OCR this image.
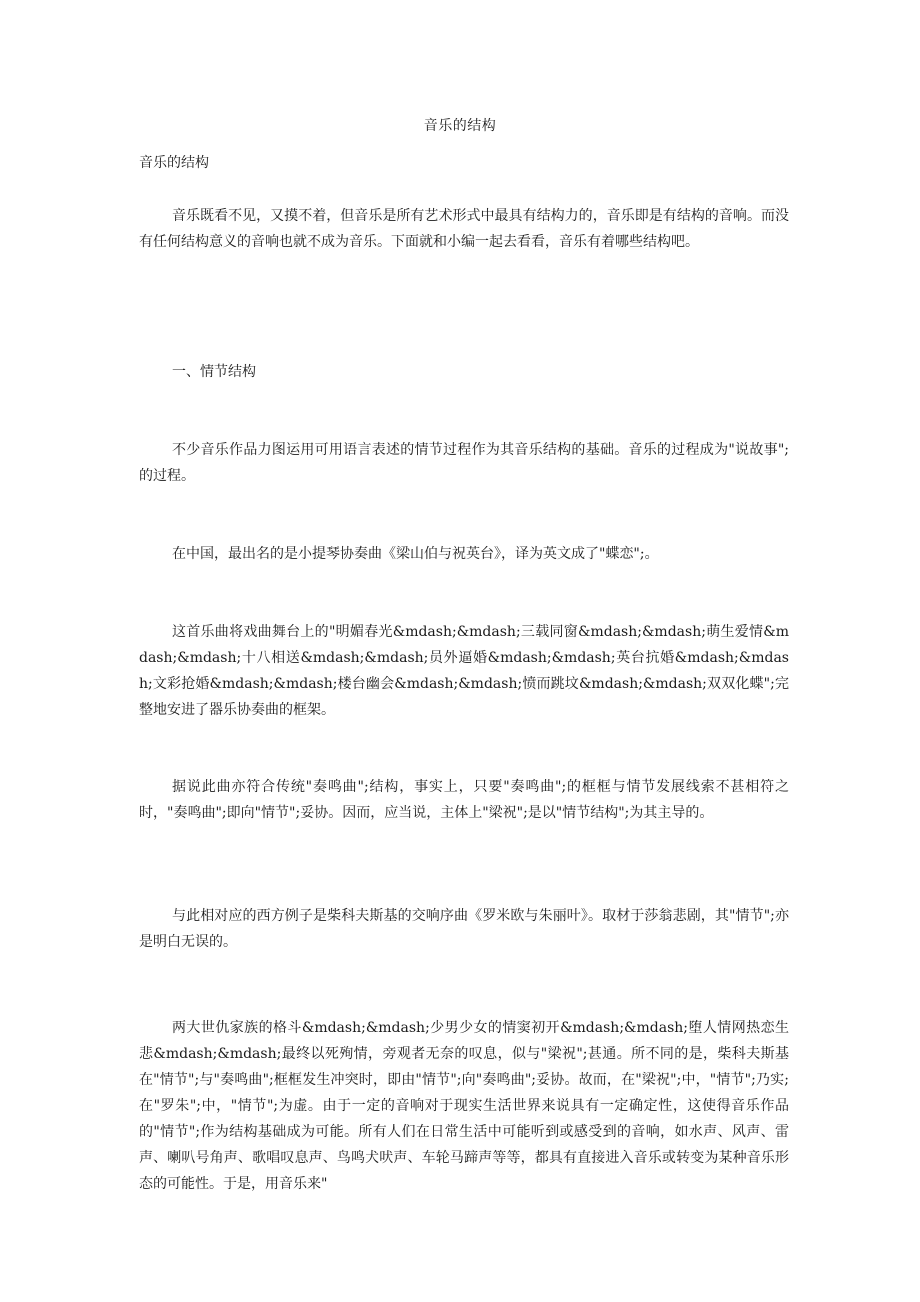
音乐的结构
音乐的结构
音乐既看不见，又摸不着，但音乐是所有艺术形式中最具有结构力的，音乐即是有结构的音响。而没有任何结构意义的音响也就不成为音乐。下面就和小编一起去看看，音乐有着哪些结构吧。
一、情节结构
不少音乐作品力图运用可用语言表述的情节过程作为其音乐结构的基础。音乐的过程成为"说故事";的过程。
在中国，最出名的是小提琴协奏曲《梁山伯与祝英台》，译为英文成了"蝶恋";。
这首乐曲将戏曲舞台上的"明媚春光&mdash;&mdash;三载同窗&mdash;&mdash;萌生爱情&mdash;&mdash;十八相送&mdash;&mdash;员外逼婚&mdash;&mdash;英台抗婚&mdash;&mdash;文彩抢婚&mdash;&mdash;楼台幽会&mdash;&mdash;愤而跳坟&mdash;&mdash;双双化蝶";完整地安进了器乐协奏曲的框架。
据说此曲亦符合传统"奏鸣曲";结构，事实上，只要"奏鸣曲";的框框与情节发展线索不甚相符之时，"奏鸣曲";即向"情节";妥协。因而，应当说，主体上"梁祝";是以"情节结构";为其主导的。
与此相对应的西方例子是柴科夫斯基的交响序曲《罗米欧与朱丽叶》。取材于莎翁悲剧，其"情节";亦是明白无误的。
两大世仇家族的格斗&mdash;&mdash;少男少女的情窦初开&mdash;&mdash;堕人情网热恋生悲&mdash;&mdash;最终以死殉情，旁观者无奈的叹息，似与"梁祝";甚通。所不同的是，柴科夫斯基在"情节";与"奏鸣曲";框框发生冲突时，即由"情节";向"奏鸣曲";妥协。故而，在"梁祝";中，"情节";乃实;在"罗朱";中，"情节";为虚。由于一定的音响对于现实生活世界来说具有一定确定性，这使得音乐作品的"情节";作为结构基础成为可能。所有人们在日常生活中可能听到或感受到的音响，如水声、风声、雷声、喇叭号角声、歌唱叹息声、鸟鸣犬吠声、车轮马蹄声等等，都具有直接进入音乐或转变为某种音乐形态的可能性。于是，用音乐来"
